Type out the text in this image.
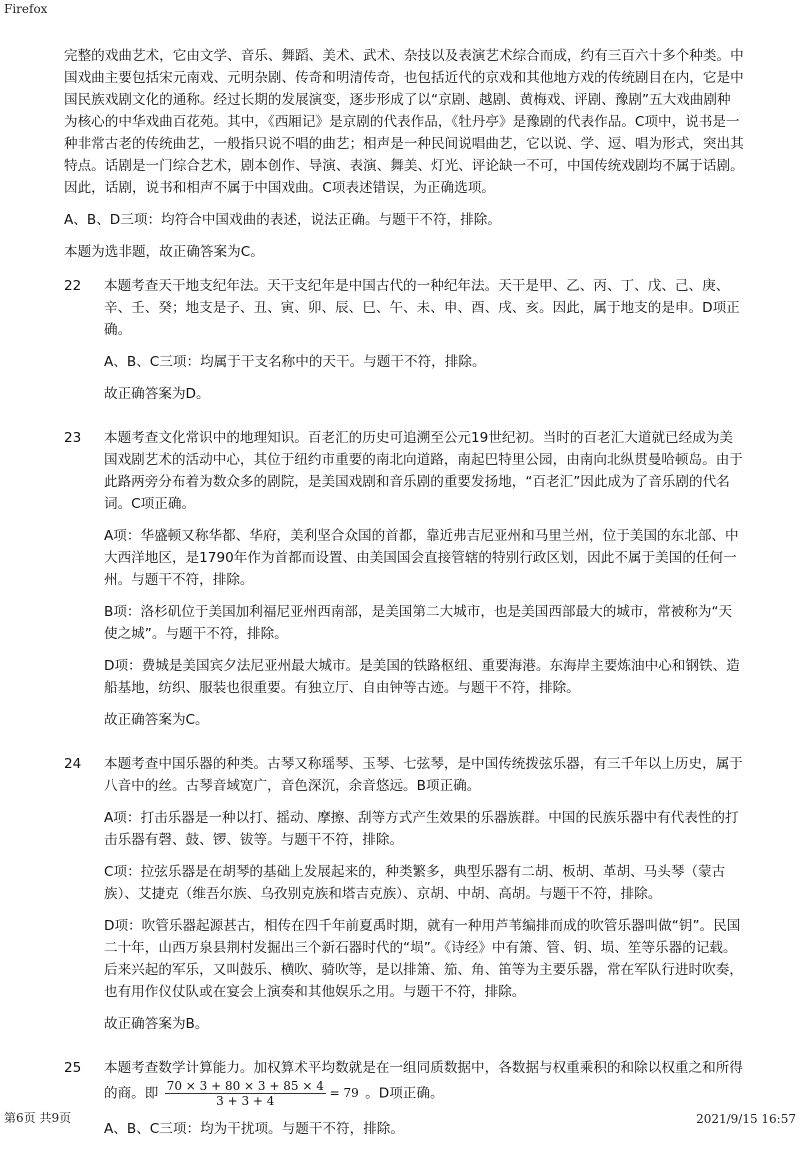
Firefox

完整的戏曲艺术，它由文学、音乐、舞蹈、美术、武术、杂技以及表演艺术综合而成，约有三百六十多个种类。中国戏曲主要包括宋元南戏、元明杂剧、传奇和明清传奇，也包括近代的京戏和其他地方戏的传统剧目在内，它是中国民族戏剧文化的通称。经过长期的发展演变，逐步形成了以“京剧、越剧、黄梅戏、评剧、豫剧”五大戏曲剧种为核心的中华戏曲百花苑。其中，《西厢记》是京剧的代表作品，《牡丹亭》是豫剧的代表作品。C项中，说书是一种非常古老的传统曲艺，一般指只说不唱的曲艺；相声是一种民间说唱曲艺，它以说、学、逗、唱为形式，突出其特点。话剧是一门综合艺术，剧本创作、导演、表演、舞美、灯光、评论缺一不可，中国传统戏剧均不属于话剧。因此，话剧，说书和相声不属于中国戏曲。C项表述错误，为正确选项。

A、B、D三项：均符合中国戏曲的表述，说法正确。与题干不符，排除。

本题为选非题，故正确答案为C。

22	本题考查天干地支纪年法。天干支纪年是中国古代的一种纪年法。天干是甲、乙、丙、丁、戊、己、庚、辛、壬、癸；地支是子、丑、寅、卯、辰、巳、午、未、申、酉、戌、亥。因此，属于地支的是申。D项正确。

A、B、C三项：均属于干支名称中的天干。与题干不符，排除。

故正确答案为D。

23	本题考查文化常识中的地理知识。百老汇的历史可追溯至公元19世纪初。当时的百老汇大道就已经成为美国戏剧艺术的活动中心，其位于纽约市重要的南北向道路，南起巴特里公园，由南向北纵贯曼哈顿岛。由于此路两旁分布着为数众多的剧院，是美国戏剧和音乐剧的重要发扬地，“百老汇”因此成为了音乐剧的代名词。C项正确。

A项：华盛顿又称华都、华府，美利坚合众国的首都，靠近弗吉尼亚州和马里兰州，位于美国的东北部、中大西洋地区，是1790年作为首都而设置、由美国国会直接管辖的特别行政区划，因此不属于美国的任何一州。与题干不符，排除。

B项：洛杉矶位于美国加利福尼亚州西南部，是美国第二大城市，也是美国西部最大的城市，常被称为“天使之城”。与题干不符，排除。

D项：费城是美国宾夕法尼亚州最大城市。是美国的铁路枢纽、重要海港。东海岸主要炼油中心和钢铁、造船基地，纺织、服装也很重要。有独立厅、自由钟等古迹。与题干不符，排除。

故正确答案为C。

24	本题考查中国乐器的种类。古琴又称瑶琴、玉琴、七弦琴，是中国传统拨弦乐器，有三千年以上历史，属于八音中的丝。古琴音域宽广，音色深沉，余音悠远。B项正确。

A项：打击乐器是一种以打、摇动、摩擦、刮等方式产生效果的乐器族群。中国的民族乐器中有代表性的打击乐器有磬、鼓、锣、钹等。与题干不符，排除。

C项：拉弦乐器是在胡琴的基础上发展起来的，种类繁多，典型乐器有二胡、板胡、革胡、马头琴（蒙古族）、艾捷克（维吾尔族、乌孜别克族和塔吉克族）、京胡、中胡、高胡。与题干不符，排除。

D项：吹管乐器起源甚古，相传在四千年前夏禹时期，就有一种用芦苇编排而成的吹管乐器叫做“钥”。民国二十年，山西万泉县荆村发掘出三个新石器时代的“埙”。《诗经》中有箫、管、钥、埙、笙等乐器的记载。后来兴起的军乐，又叫鼓乐、横吹、骑吹等，是以排箫、笳、角、笛等为主要乐器，常在军队行进时吹奏，也有用作仪仗队或在宴会上演奏和其他娱乐之用。与题干不符，排除。

故正确答案为B。

25	本题考查数学计算能力。加权算术平均数就是在一组同质数据中，各数据与权重乘积的和除以权重之和所得的商。即 $\frac{70 \times 3 + 80 \times 3 + 85 \times 4}{3 + 3 + 4} = 79$ 。D项正确。

A、B、C三项：均为干扰项。与题干不符，排除。

第6页 共9页	2021/9/15 16:57
